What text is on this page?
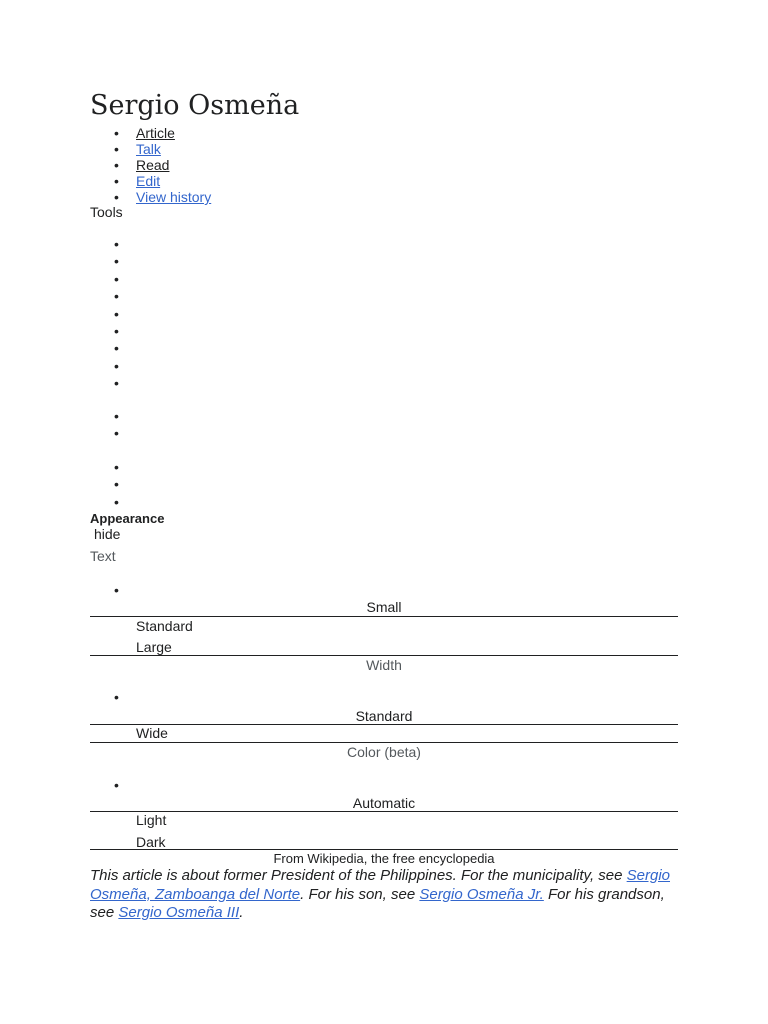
Sergio Osmeña
• Article
• Talk
• Read
• Edit
• View history
Tools
Appearance
hide
Text
Small
Standard
Large
Width
Standard
Wide
Color (beta)
Automatic
Light
Dark
From Wikipedia, the free encyclopedia
This article is about former President of the Philippines. For the municipality, see Sergio Osmeña, Zamboanga del Norte. For his son, see Sergio Osmeña Jr. For his grandson, see Sergio Osmeña III.
